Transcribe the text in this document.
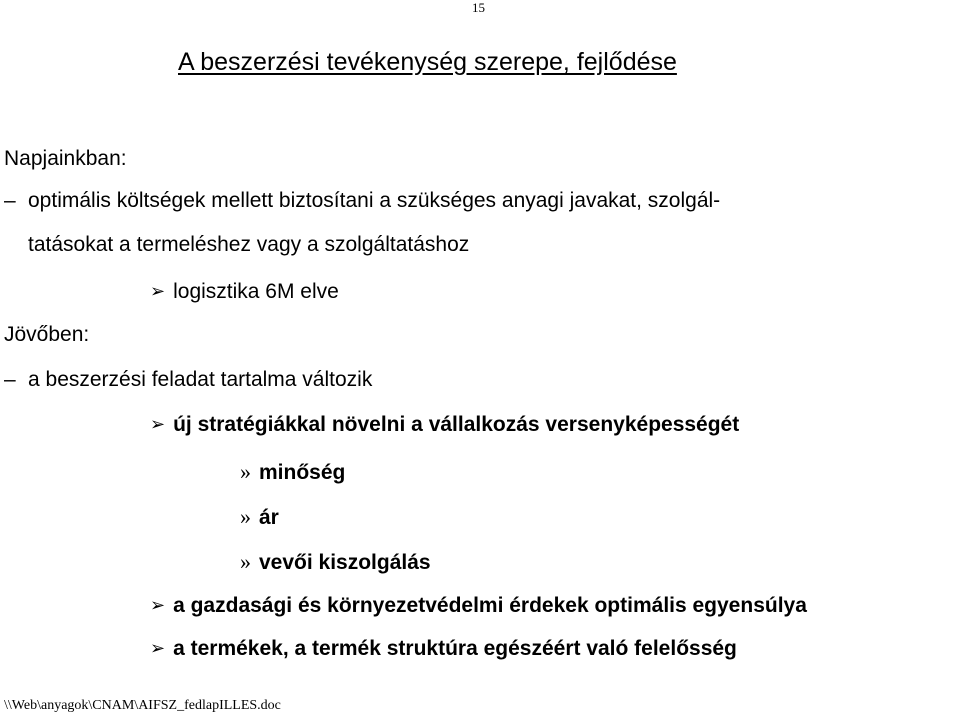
15
A beszerzési tevékenység szerepe, fejlődése
Napjainkban:
– optimális költségek mellett biztosítani a szükséges anyagi javakat, szolgál-
tatásokat a termeléshez vagy a szolgáltatáshoz
➢ logisztika 6M elve
Jövőben:
– a beszerzési feladat tartalma változik
➢ új stratégiákkal növelni a vállalkozás versenyképességét
» minőség
» ár
» vevői kiszolgálás
➢ a gazdasági és környezetvédelmi érdekek optimális egyensúlya
➢ a termékek, a termék struktúra egészéért való felelősség
\\Web\anyagok\CNAM\AIFSZ_fedlapILLES.doc
